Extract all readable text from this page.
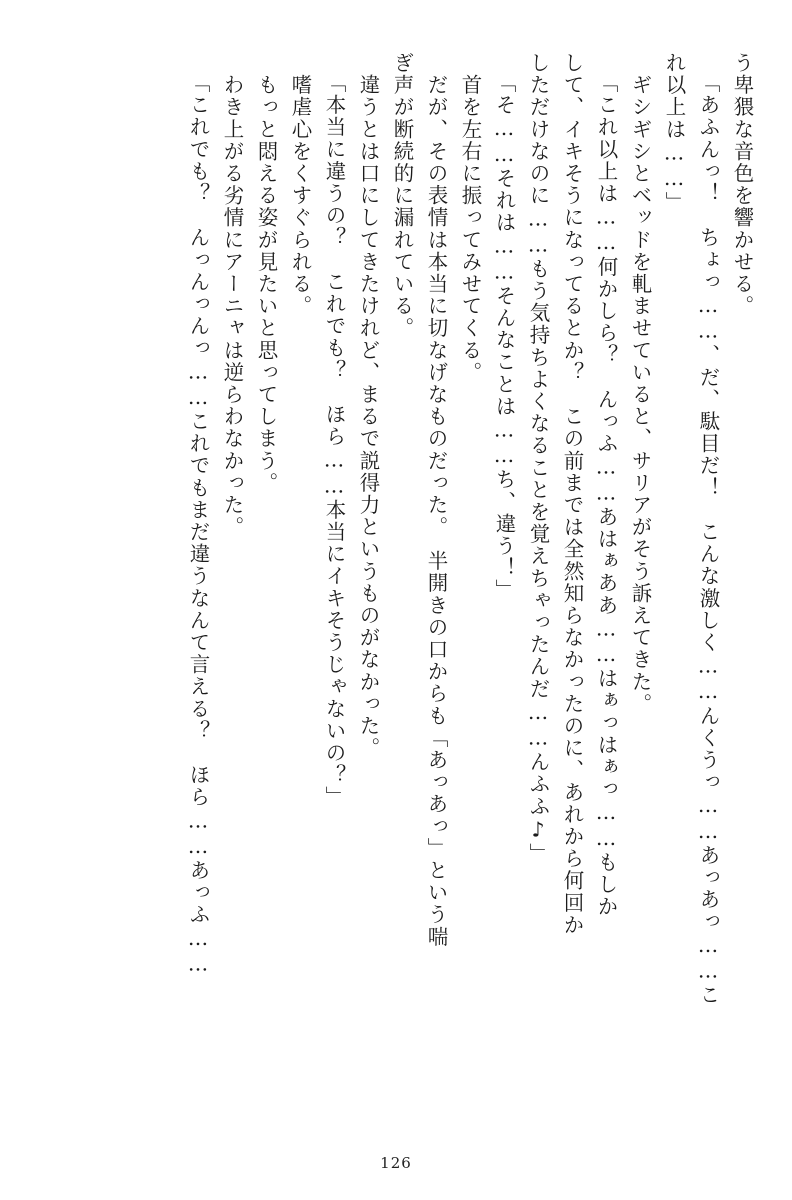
う卑猥な音色を響かせる。
「あふんっ！　ちょっ……、だ、駄目だ！　こんな激しく……んくうっ……あっあっ……こ
れ以上は……」
　ギシギシとベッドを軋ませていると、サリアがそう訴えてきた。
「これ以上は……何かしら？　んっふ……あはぁああ……はぁっはぁっ……もしか
して、イキそうになってるとか？　この前までは全然知らなかったのに、あれから何回か
しただけなのに……もう気持ちよくなることを覚えちゃったんだ……んふふ♪」
「そ……それは……そんなことは……ち、違う！」
　首を左右に振ってみせてくる。
　だが、その表情は本当に切なげなものだった。　半開きの口からも「あっあっ」という喘
ぎ声が断続的に漏れている。
　違うとは口にしてきたけれど、まるで説得力というものがなかった。
「本当に違うの？　これでも？　ほら……本当にイキそうじゃないの？」
　嗜虐心をくすぐられる。
　もっと悶える姿が見たいと思ってしまう。
　わき上がる劣情にアーニャは逆らわなかった。
「これでも？　んっんっんっ……これでもまだ違うなんて言える？　ほら……あっふ……
126
